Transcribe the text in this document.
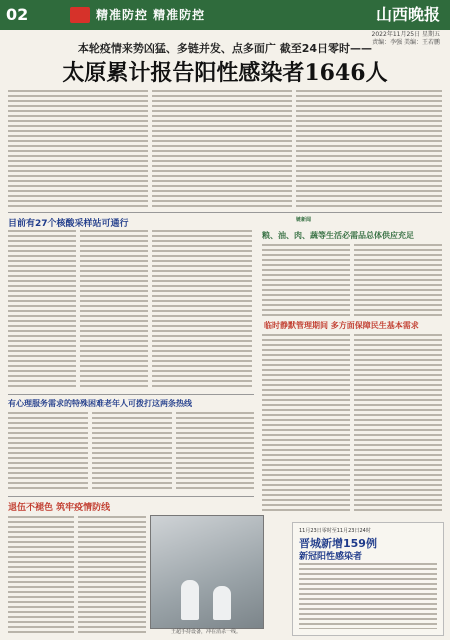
02	精准防控 精准防控	山西晚报
2022年11月25日 星期五
责编：李强 美编：王若鹏
本轮疫情来势凶猛、多链并发、点多面广 截至24日零时——
太原累计报告阳性感染者1646人
目前有27个核酸采样站可通行	链新闻
粮、油、肉、蔬等生活必需品总体供应充足
临时静默管理期间 多方面保障民生基本需求
有心理服务需求的特殊困难老年人可拨打这两条热线
退伍不褪色 筑牢疫情防线
王超手持设备，冲在消杀一线。
11月23日零时至11月23日24时
晋城新增159例
新冠阳性感染者
